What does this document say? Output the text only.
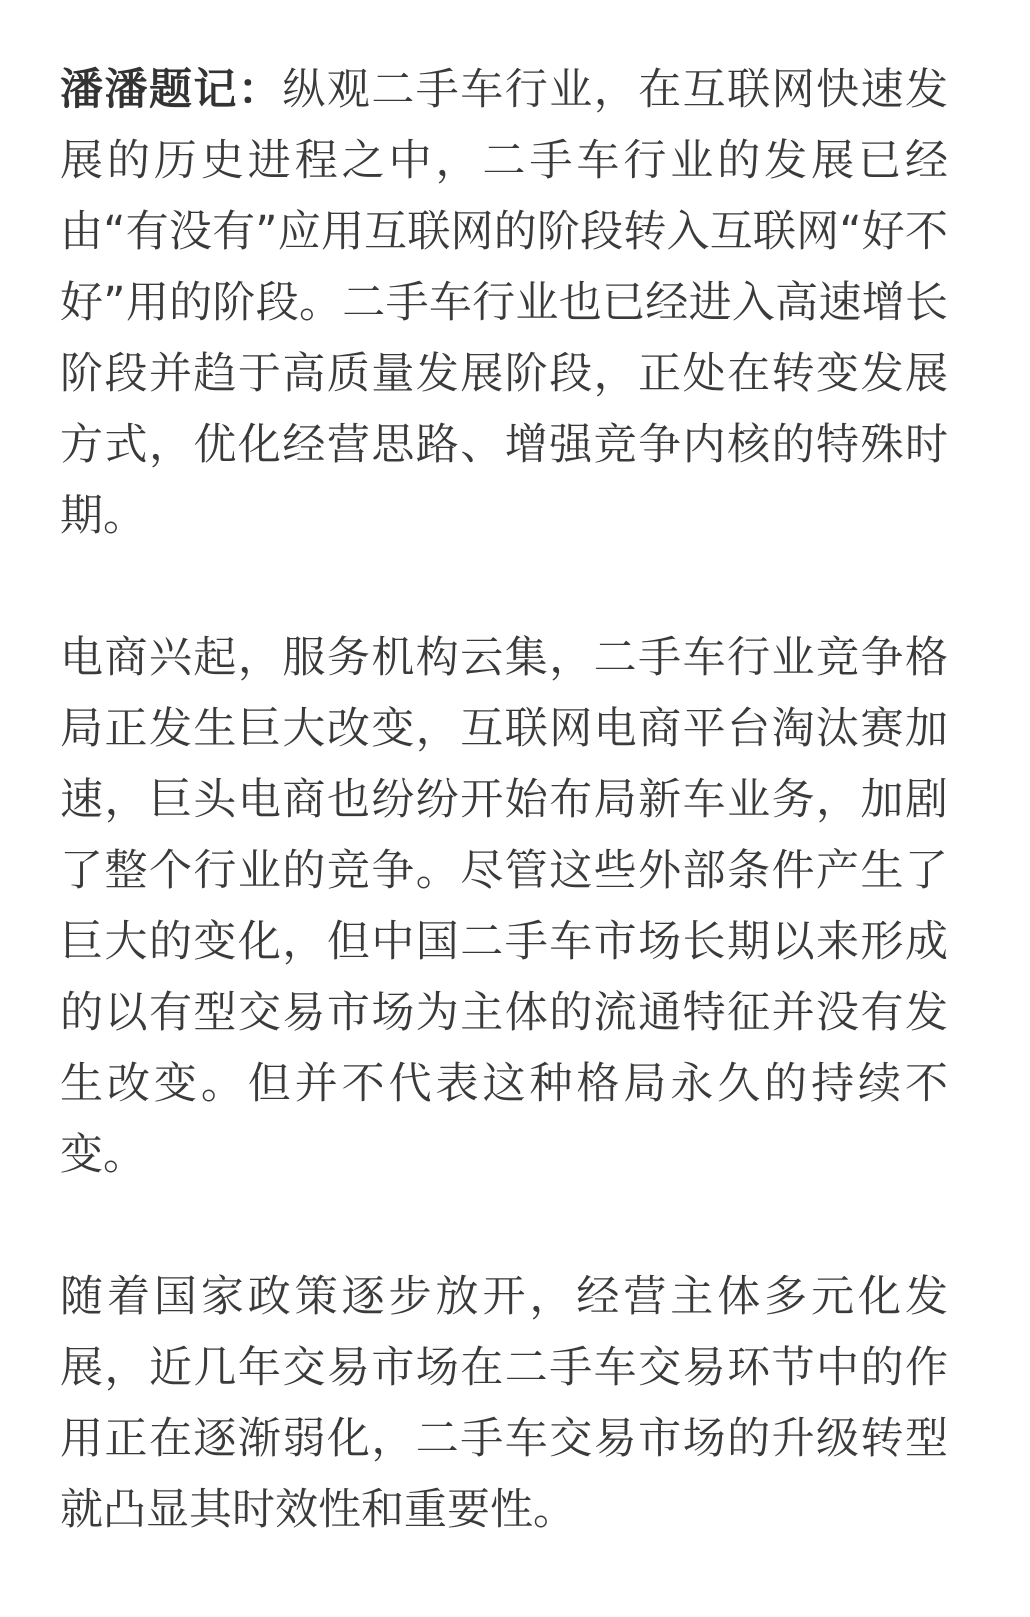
潘潘题记：纵观二手车行业，在互联网快速发展的历史进程之中，二手车行业的发展已经由“有没有”应用互联网的阶段转入互联网“好不好”用的阶段。二手车行业也已经进入高速增长阶段并趋于高质量发展阶段，正处在转变发展方式，优化经营思路、增强竞争内核的特殊时期。

电商兴起，服务机构云集，二手车行业竞争格局正发生巨大改变，互联网电商平台淘汰赛加速，巨头电商也纷纷开始布局新车业务，加剧了整个行业的竞争。尽管这些外部条件产生了巨大的变化，但中国二手车市场长期以来形成的以有型交易市场为主体的流通特征并没有发生改变。但并不代表这种格局永久的持续不变。

随着国家政策逐步放开，经营主体多元化发展，近几年交易市场在二手车交易环节中的作用正在逐渐弱化，二手车交易市场的升级转型就凸显其时效性和重要性。
